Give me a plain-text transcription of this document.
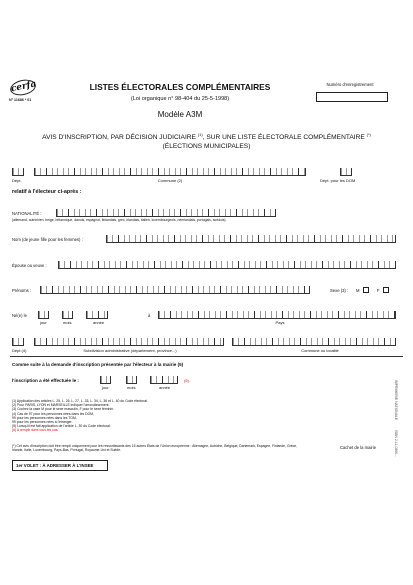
cerfa
N° 11686 * 01
LISTES ÉLECTORALES COMPLÉMENTAIRES
(Loi organique n° 98-404 du 25-5-1998)
Modèle A3M
Numéro d'enregistrement
AVIS D'INSCRIPTION, PAR DÉCISION JUDICIAIRE $^{(1)}$, SUR UNE LISTE ÉLECTORALE COMPLÉMENTAIRE (*)
(ÉLECTIONS MUNICIPALES)
Dépt.	Commune (2)	Dépt. pour les DOM
relatif à l'électeur ci-après :
NATIONALITÉ :
(allemand, autrichien, belge, britannique, danois, espagnol, finlandais, grec, irlandais, italien, luxembourgeois, néerlandais, portugais, suédois)
Nom (de jeune fille pour les femmes) :
Épouse ou veuve :
Prénoms :	Sexe (3) : M	F
Né(e) le
jour	mois	année
à
Pays
Dépt (4)	Subdivision administrative (département, province...)	Commune ou localité
Comme suite à la demande d'inscription présentée par l'électeur à la mairie (5)
l'inscription a été effectuée le :	(6).
jour	mois	année
(1) Application des articles L. 25, L. 26, L. 27, L. 33, L. 34, L. 36 et L. 40 du Code électoral.
(2) Pour PARIS, LYON et MARSEILLE indiquer l'arrondissement.
(3) Cochez la case M pour le sexe masculin, F pour le sexe féminin.
(4) Cas de 97 pour les personnes nées dans les DOM,
99 pour les personnes nées dans les TOM,
99 pour les personnes nées à l'étranger.
(5) Lorsqu'il est fait application de l'article L. 30 du Code électoral.
(6) A remplir dans tous les cas.
(*) Cet avis d'inscription doit être rempli uniquement pour les ressortissants des 15 autres États de l'Union européenne : Allemagne, Autriche, Belgique, Danemark, Espagne, Finlande, Grèce, Irlande, Italie, Luxembourg, Pays-Bas, Portugal, Royaume-Uni et Suède.
Cachet de la mairie
1er VOLET : À ADRESSER À L'INSEE
IMPRIMERIE NATIONALE
ISBN 2-11-0866...
